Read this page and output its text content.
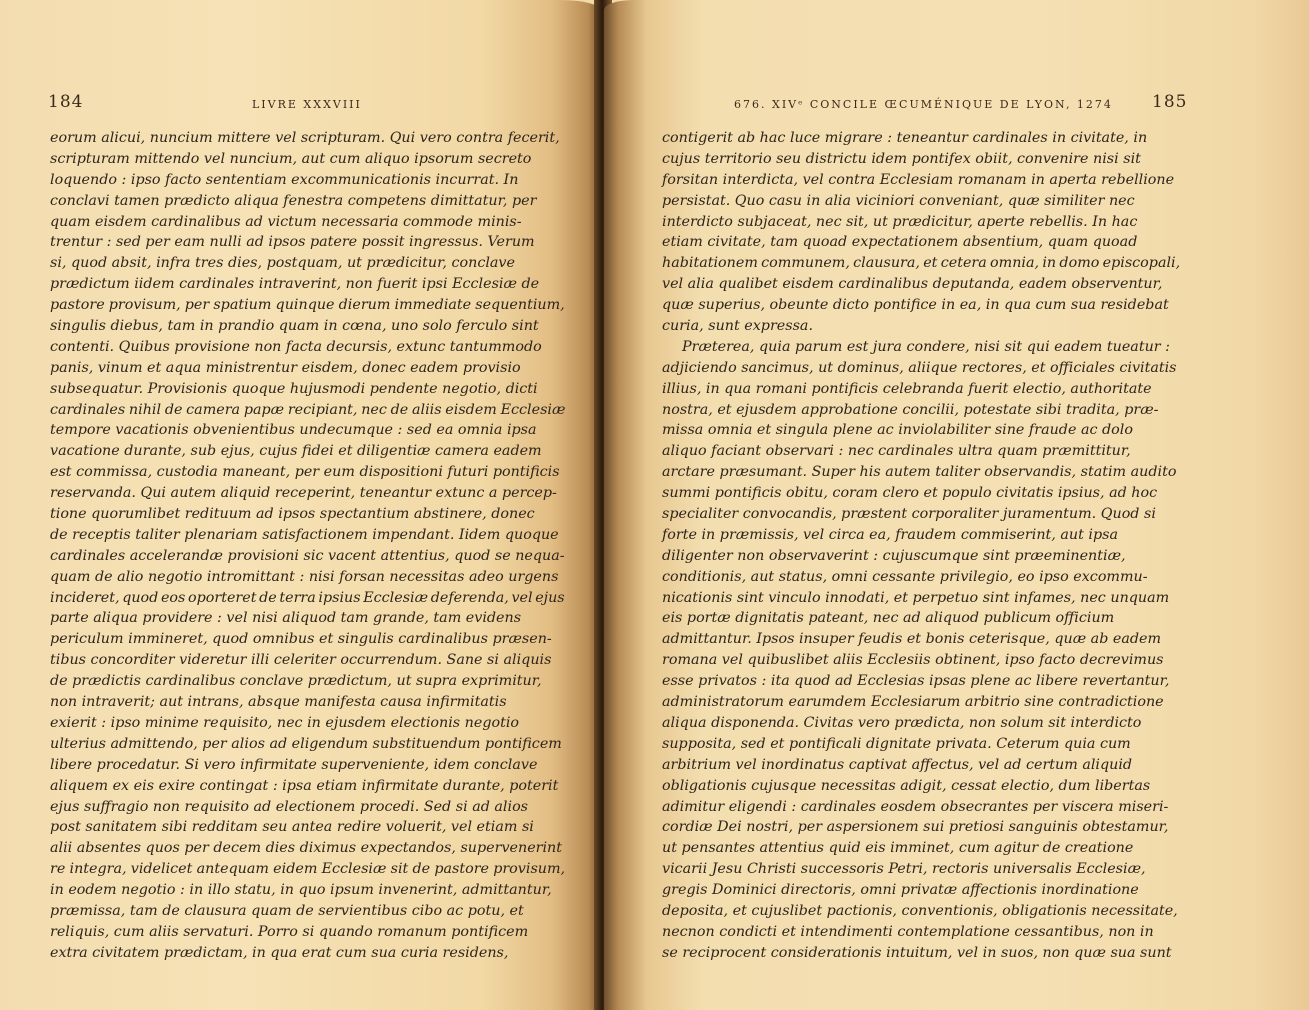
184	LIVRE XXXVIII
eorum alicui, nuncium mittere vel scripturam. Qui vero contra fecerit,
scripturam mittendo vel nuncium, aut cum aliquo ipsorum secreto
loquendo : ipso facto sententiam excommunicationis incurrat. In
conclavi tamen prædicto aliqua fenestra competens dimittatur, per
quam eisdem cardinalibus ad victum necessaria commode minis-
trentur : sed per eam nulli ad ipsos patere possit ingressus. Verum
si, quod absit, infra tres dies, postquam, ut prædicitur, conclave
prædictum iidem cardinales intraverint, non fuerit ipsi Ecclesiæ de
pastore provisum, per spatium quinque dierum immediate sequentium,
singulis diebus, tam in prandio quam in cœna, uno solo ferculo sint
contenti. Quibus provisione non facta decursis, extunc tantummodo
panis, vinum et aqua ministrentur eisdem, donec eadem provisio
subsequatur. Provisionis quoque hujusmodi pendente negotio, dicti
cardinales nihil de camera papæ recipiant, nec de aliis eisdem Ecclesiæ
tempore vacationis obvenientibus undecumque : sed ea omnia ipsa
vacatione durante, sub ejus, cujus fidei et diligentiæ camera eadem
est commissa, custodia maneant, per eum dispositioni futuri pontificis
reservanda. Qui autem aliquid receperint, teneantur extunc a percep-
tione quorumlibet redituum ad ipsos spectantium abstinere, donec
de receptis taliter plenariam satisfactionem impendant. Iidem quoque
cardinales accelerandæ provisioni sic vacent attentius, quod se nequa-
quam de alio negotio intromittant : nisi forsan necessitas adeo urgens
incideret, quod eos oporteret de terra ipsius Ecclesiæ deferenda, vel ejus
parte aliqua providere : vel nisi aliquod tam grande, tam evidens
periculum immineret, quod omnibus et singulis cardinalibus præsen-
tibus concorditer videretur illi celeriter occurrendum. Sane si aliquis
de prædictis cardinalibus conclave prædictum, ut supra exprimitur,
non intraverit; aut intrans, absque manifesta causa infirmitatis
exierit : ipso minime requisito, nec in ejusdem electionis negotio
ulterius admittendo, per alios ad eligendum substituendum pontificem
libere procedatur. Si vero infirmitate superveniente, idem conclave
aliquem ex eis exire contingat : ipsa etiam infirmitate durante, poterit
ejus suffragio non requisito ad electionem procedi. Sed si ad alios
post sanitatem sibi redditam seu antea redire voluerit, vel etiam si
alii absentes quos per decem dies diximus expectandos, supervenerint
re integra, videlicet antequam eidem Ecclesiæ sit de pastore provisum,
in eodem negotio : in illo statu, in quo ipsum invenerint, admittantur,
præmissa, tam de clausura quam de servientibus cibo ac potu, et
reliquis, cum aliis servaturi. Porro si quando romanum pontificem
extra civitatem prædictam, in qua erat cum sua curia residens,
676. XIVᵉ CONCILE ŒCUMÉNIQUE DE LYON, 1274 185
contigerit ab hac luce migrare : teneantur cardinales in civitate, in
cujus territorio seu districtu idem pontifex obiit, convenire nisi sit
forsitan interdicta, vel contra Ecclesiam romanam in aperta rebellione
persistat. Quo casu in alia viciniori conveniant, quæ similiter nec
interdicto subjaceat, nec sit, ut prædicitur, aperte rebellis. In hac
etiam civitate, tam quoad expectationem absentium, quam quoad
habitationem communem, clausura, et cetera omnia, in domo episcopali,
vel alia qualibet eisdem cardinalibus deputanda, eadem observentur,
quæ superius, obeunte dicto pontifice in ea, in qua cum sua residebat
curia, sunt expressa.
Præterea, quia parum est jura condere, nisi sit qui eadem tueatur :
adjiciendo sancimus, ut dominus, aliique rectores, et officiales civitatis
illius, in qua romani pontificis celebranda fuerit electio, authoritate
nostra, et ejusdem approbatione concilii, potestate sibi tradita, præ-
missa omnia et singula plene ac inviolabiliter sine fraude ac dolo
aliquo faciant observari : nec cardinales ultra quam præmittitur,
arctare præsumant. Super his autem taliter observandis, statim audito
summi pontificis obitu, coram clero et populo civitatis ipsius, ad hoc
specialiter convocandis, præstent corporaliter juramentum. Quod si
forte in præmissis, vel circa ea, fraudem commiserint, aut ipsa
diligenter non observaverint : cujuscumque sint præeminentiæ,
conditionis, aut status, omni cessante privilegio, eo ipso excommu-
nicationis sint vinculo innodati, et perpetuo sint infames, nec unquam
eis portæ dignitatis pateant, nec ad aliquod publicum officium
admittantur. Ipsos insuper feudis et bonis ceterisque, quæ ab eadem
romana vel quibuslibet aliis Ecclesiis obtinent, ipso facto decrevimus
esse privatos : ita quod ad Ecclesias ipsas plene ac libere revertantur,
administratorum earumdem Ecclesiarum arbitrio sine contradictione
aliqua disponenda. Civitas vero prædicta, non solum sit interdicto
supposita, sed et pontificali dignitate privata. Ceterum quia cum
arbitrium vel inordinatus captivat affectus, vel ad certum aliquid
obligationis cujusque necessitas adigit, cessat electio, dum libertas
adimitur eligendi : cardinales eosdem obsecrantes per viscera miseri-
cordiæ Dei nostri, per aspersionem sui pretiosi sanguinis obtestamur,
ut pensantes attentius quid eis imminet, cum agitur de creatione
vicarii Jesu Christi successoris Petri, rectoris universalis Ecclesiæ,
gregis Dominici directoris, omni privatæ affectionis inordinatione
deposita, et cujuslibet pactionis, conventionis, obligationis necessitate,
necnon condicti et intendimenti contemplatione cessantibus, non in
se reciprocent considerationis intuitum, vel in suos, non quæ sua sunt
